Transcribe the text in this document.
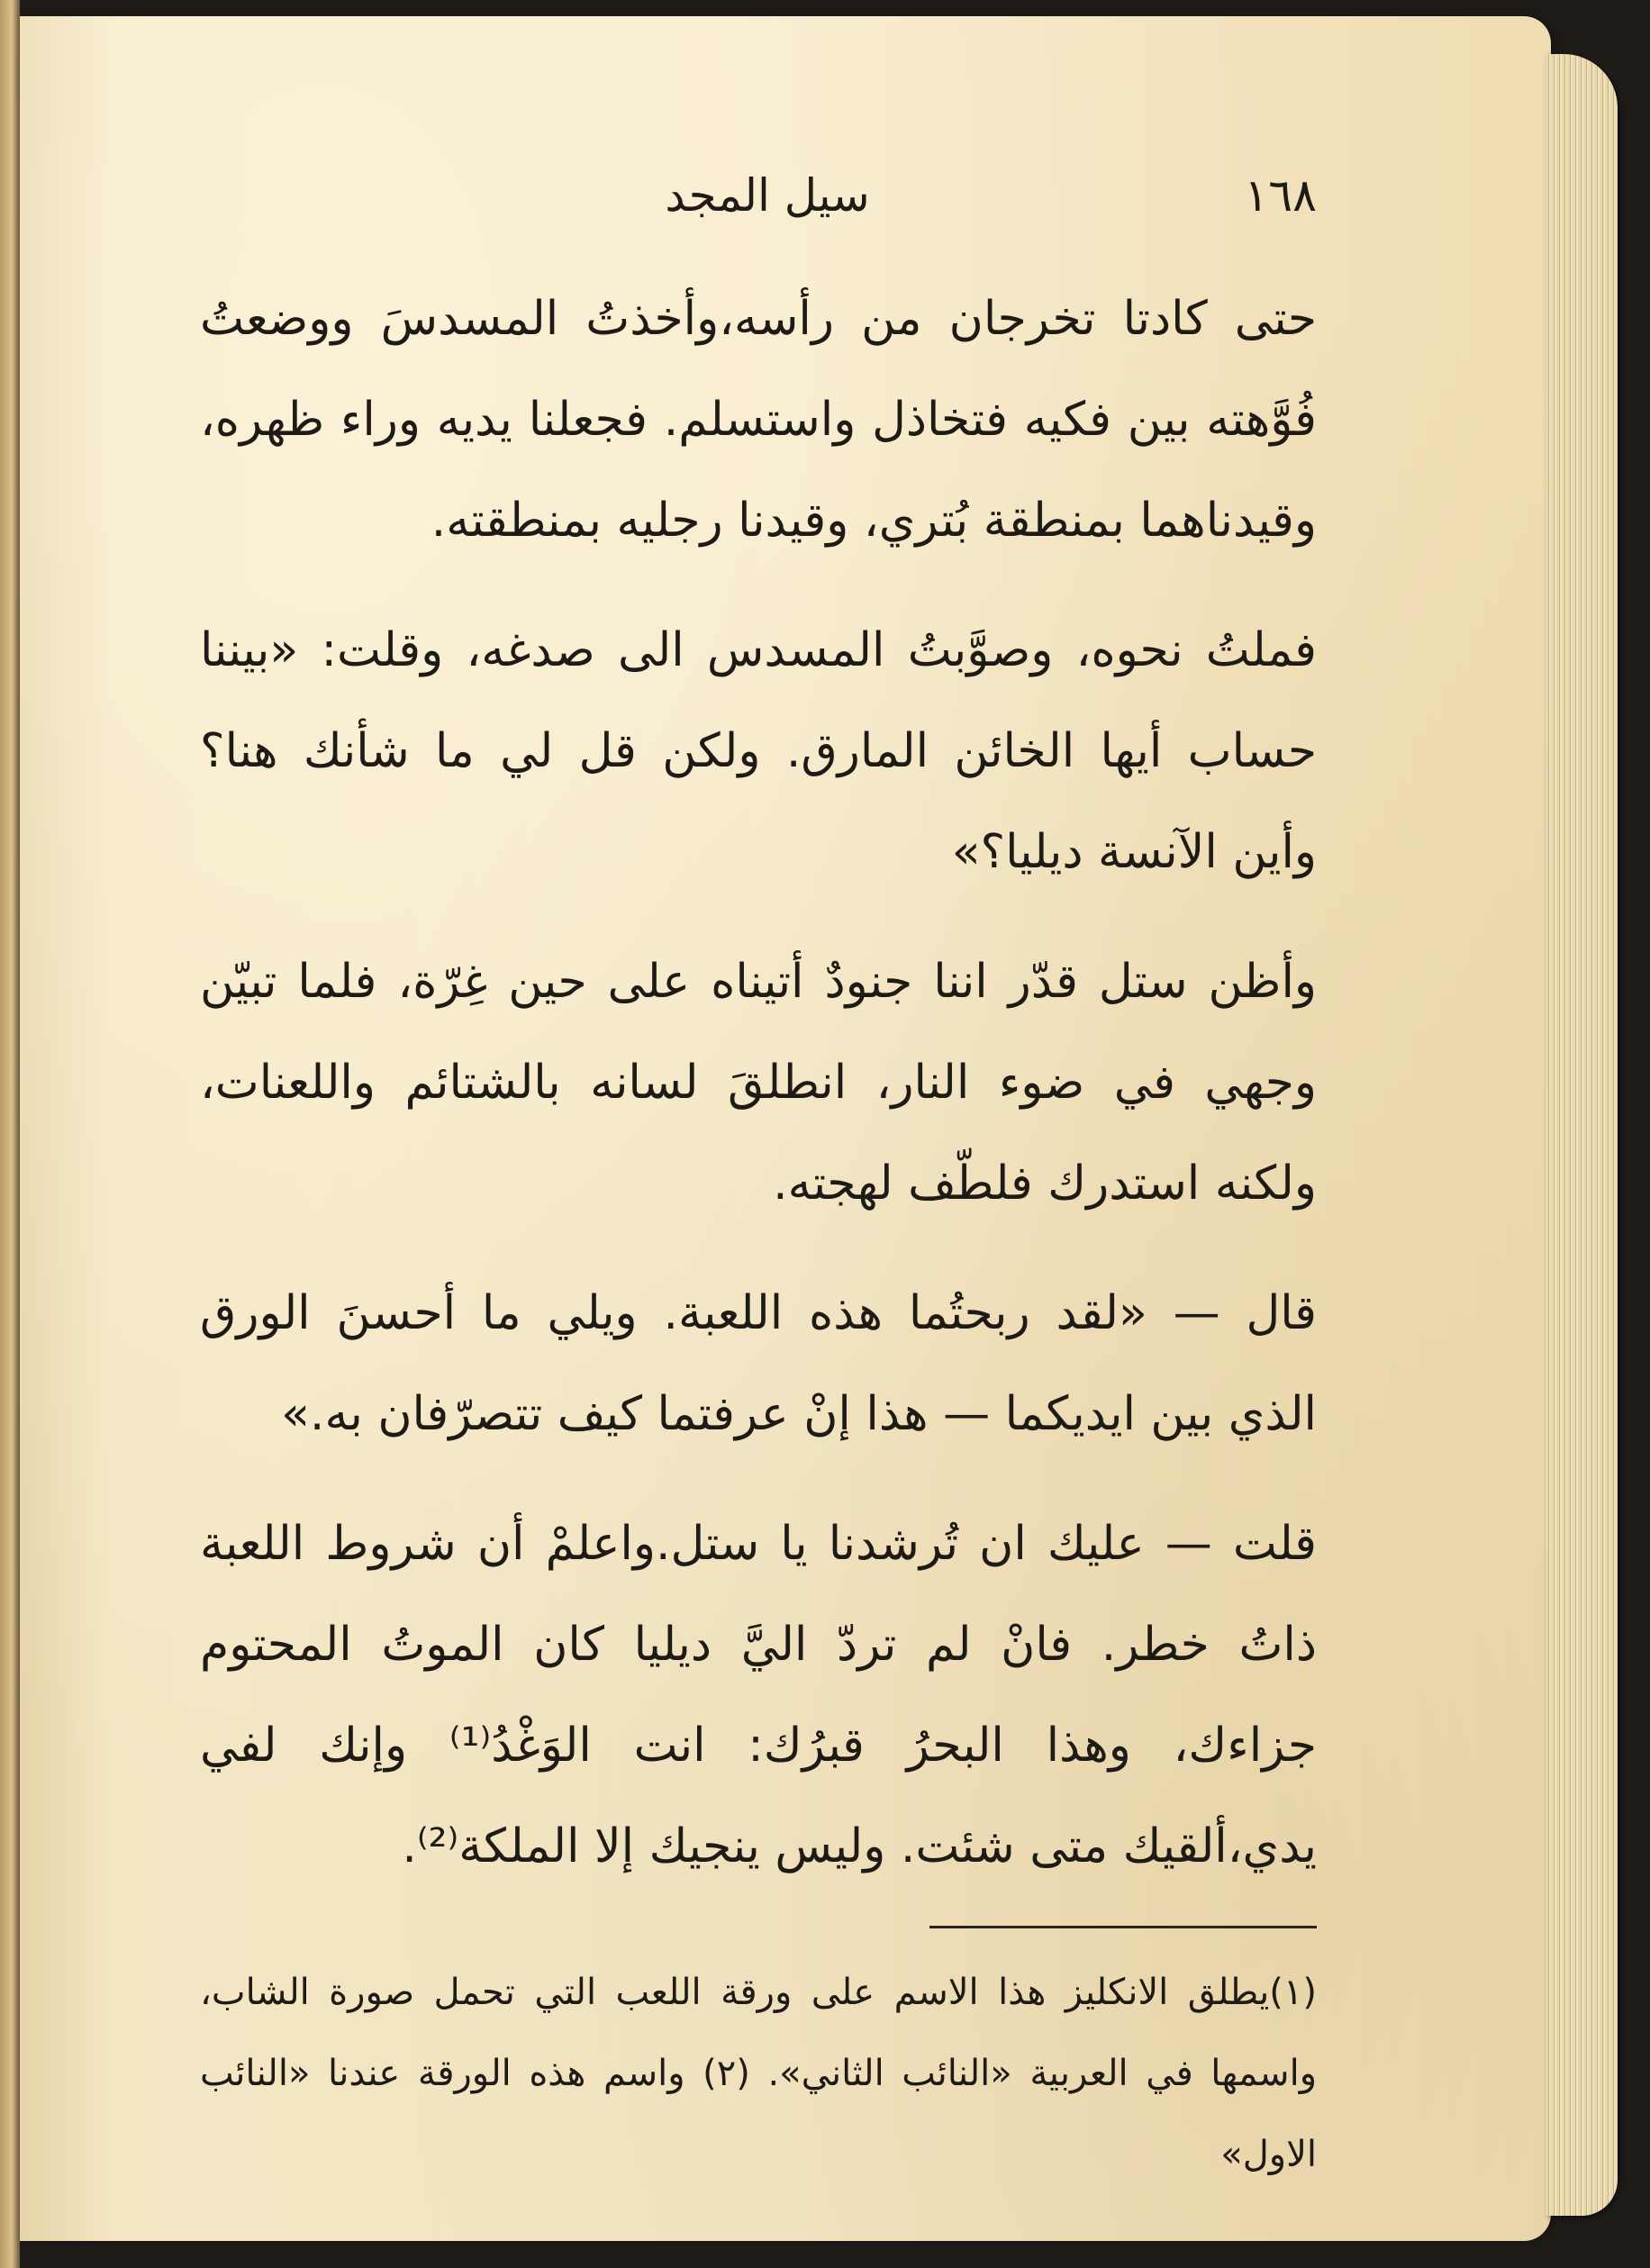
١٦٨
سيل المجد

حتى كادتا تخرجان من رأسه،وأخذتُ المسدسَ ووضعتُ فُوَّهته بين فكيه فتخاذل واستسلم. فجعلنا يديه وراء ظهره، وقيدناهما بمنطقة بُتري، وقيدنا رجليه بمنطقته.

فملتُ نحوه، وصوَّبتُ المسدس الى صدغه، وقلت: «بيننا حساب أيها الخائن المارق. ولكن قل لي ما شأنك هنا؟ وأين الآنسة ديليا؟»

وأظن ستل قدّر اننا جنودٌ أتيناه على حين غِرّة، فلما تبيّن وجهي في ضوء النار، انطلقَ لسانه بالشتائم واللعنات، ولكنه استدرك فلطّف لهجته.

قال — «لقد ربحتُما هذه اللعبة. ويلي ما أحسنَ الورق الذي بين ايديكما — هذا إنْ عرفتما كيف تتصرّفان به.»

قلت — عليك ان تُرشدنا يا ستل.واعلمْ أن شروط اللعبة ذاتُ خطر. فانْ لم تردّ اليَّ ديليا كان الموتُ المحتوم جزاءك، وهذا البحرُ قبرُك: انت الوَغْدُ⁽¹⁾ وإنك لفي يدي،ألقيك متى شئت. وليس ينجيك إلا الملكة⁽²⁾.

(١)يطلق الانكليز هذا الاسم على ورقة اللعب التي تحمل صورة الشاب، واسمها في العربية «النائب الثاني». (٢) واسم هذه الورقة عندنا «النائب الاول»
